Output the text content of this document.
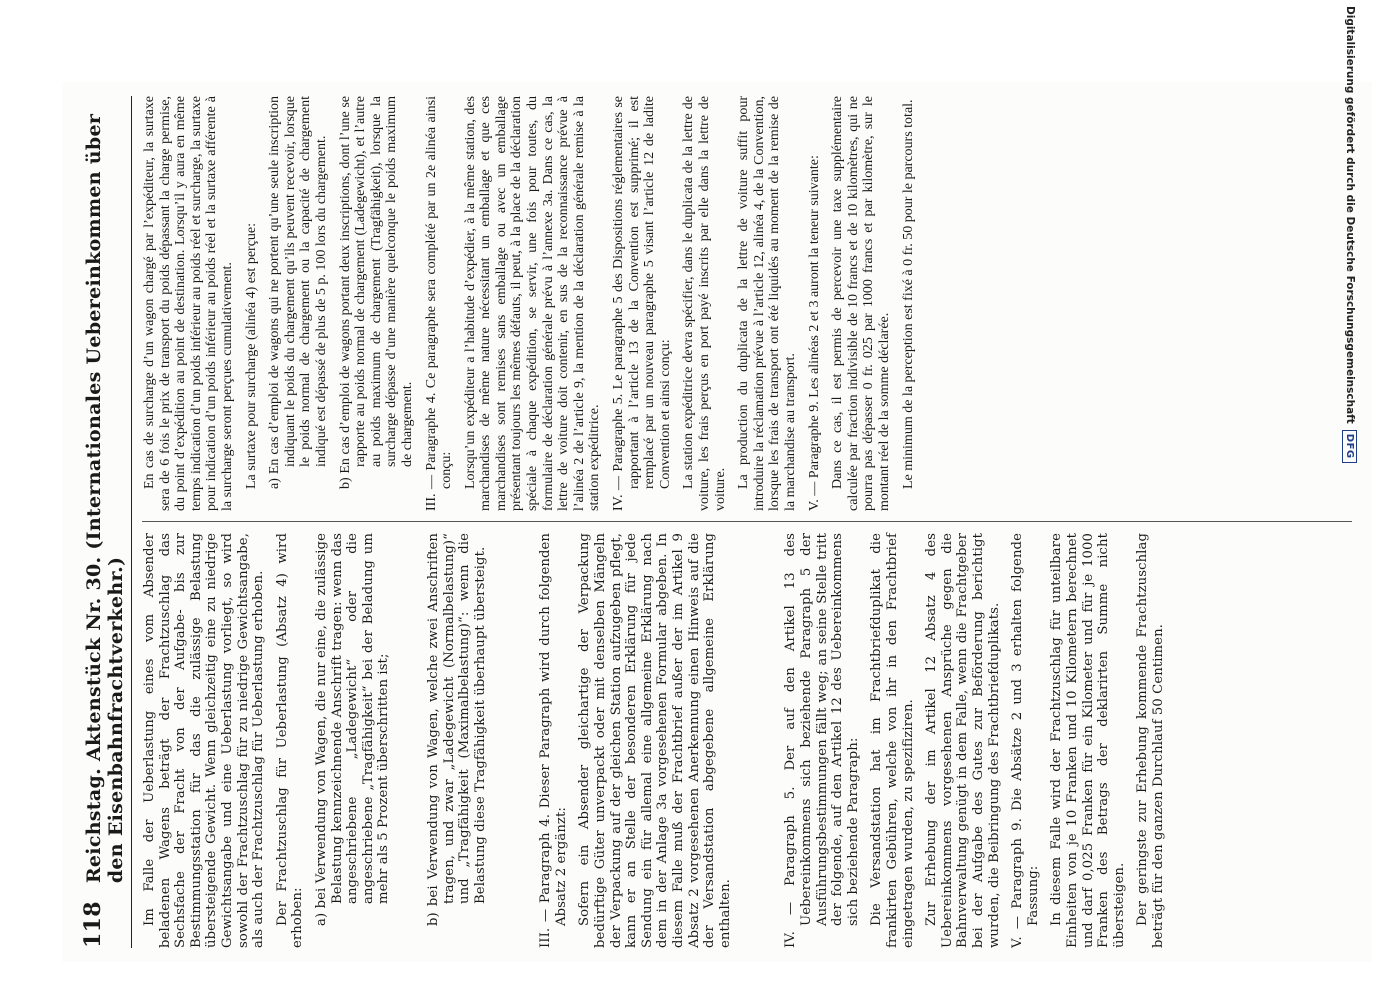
118
Reichstag. Aktenstück Nr. 30. (Internationales Uebereinkommen über den Eisenbahnfrachtverkehr.) Im Falle der Ueberlastung eines vom Absender beladenen Wagens beträgt der Frachtzuschlag das Sechsfache der Fracht von der Aufgabe- bis zur Bestimmungsstation für das die zulässige Belastung übersteigende Gewicht. Wenn gleichzeitig eine zu niedrige Gewichtsangabe und eine Ueberlastung vorliegt, so wird sowohl der Frachtzuschlag für zu niedrige Gewichtsangabe, als auch der Frachtzuschlag für Ueberlastung erhoben. Der Frachtzuschlag für Ueberlastung (Absatz 4) wird erhoben: a) bei Verwendung von Wagen, die nur eine, die zulässige Belastung kennzeichnende Anschrift tragen: wenn das angeschriebene „Ladegewicht“ oder die angeschriebene „Tragfähigkeit“ bei der Beladung um mehr als 5 Prozent überschritten ist;	b) bei Verwendung von Wagen, welche zwei Anschriften tragen, und zwar „Ladegewicht (Normalbelastung)“ und „Tragfähigkeit (Maximalbelastung)“: wenn die Belastung diese Tragfähigkeit überhaupt übersteigt.	III. — Paragraph 4. Dieser Paragraph wird durch folgenden Absatz 2 ergänzt: Sofern ein Absender gleichartige der Verpackung bedürftige Güter unverpackt oder mit denselben Mängeln der Verpackung auf der gleichen Station aufzugeben pflegt, kann er an Stelle der besonderen Erklärung für jede Sendung ein für allemal eine allgemeine Erklärung nach dem in der Anlage 3a vorgesehenen Formular abgeben. In diesem Falle muß der Frachtbrief außer der im Artikel 9 Absatz 2 vorgesehenen Anerkennung einen Hinweis auf die der Versandstation abgegebene allgemeine Erklärung enthalten.	IV. — Paragraph 5. Der auf den Artikel 13 des Uebereinkommens sich beziehende Paragraph 5 der Ausführungsbestimmungen fällt weg; an seine Stelle tritt der folgende, auf den Artikel 12 des Uebereinkommens sich beziehende Paragraph: Die Versandstation hat im Frachtbriefduplikat die frankirten Gebühren, welche von ihr in den Frachtbrief eingetragen wurden, zu spezifiziren. Zur Erhebung der im Artikel 12 Absatz 4 des Uebereinkommens vorgesehenen Ansprüche gegen die Bahnverwaltung genügt in dem Falle, wenn die Frachtgeber bei der Aufgabe des Gutes zur Beförderung berichtigt wurden, die Beibringung des Frachtbriefduplikats. V. — Paragraph 9. Die Absätze 2 und 3 erhalten folgende Fassung: In diesem Falle wird der Frachtzuschlag für unteilbare Einheiten von je 10 Franken und 10 Kilometern berechnet und darf 0,025 Franken für ein Kilometer und für je 1000 Franken des Betrags der deklarirten Summe nicht übersteigen. Der geringste zur Erhebung kommende Frachtzuschlag beträgt für den ganzen Durchlauf 50 Centimen.

En cas de surcharge d’un wagon chargé par l’expéditeur, la surtaxe sera de 6 fois le prix de transport du poids dépassant la charge permise, du point d’expédition au point de destination. Lorsqu’il y aura en même temps indication d’un poids inférieur au poids réel et surcharge, la surtaxe pour indication d’un poids inférieur au poids réel et la surtaxe afférente à la surcharge seront perçues cumulativement. La surtaxe pour surcharge (alinéa 4) est perçue: a) En cas d’emploi de wagons qui ne portent qu’une seule inscription indiquant le poids du chargement qu’ils peuvent recevoir, lorsque le poids normal de chargement ou la capacité de chargement indiqué est dépassé de plus de 5 p. 100 lors du chargement. b) En cas d’emploi de wagons portant deux inscriptions, dont l’une se rapporte au poids normal de chargement (Ladegewicht), et l’autre au poids maximum de chargement (Tragfähigkeit), lorsque la surcharge dépasse d’une manière quelconque le poids maximum de chargement. III. — Paragraphe 4. Ce paragraphe sera complété par un 2e alinéa ainsi conçu: Lorsqu’un expéditeur a l’habitude d’expédier, à la même station, des marchandises de même nature nécessitant un emballage et que ces marchandises sont remises sans emballage ou avec un emballage présentant toujours les mêmes défauts, il peut, à la place de la déclaration spéciale à chaque expédition, se servir, une fois pour toutes, du formulaire de déclaration générale prévu à l’annexe 3a. Dans ce cas, la lettre de voiture doit contenir, en sus de la reconnaissance prévue à l’alinéa 2 de l’article 9, la mention de la déclaration générale remise à la station expéditrice. IV. — Paragraphe 5. Le paragraphe 5 des Dispositions réglementaires se rapportant à l’article 13 de la Convention est supprimé; il est remplacé par un nouveau paragraphe 5 visant l’article 12 de ladite Convention et ainsi conçu: La station expéditrice devra spécifier, dans le duplicata de la lettre de voiture, les frais perçus en port payé inscrits par elle dans la lettre de voiture.

La production du duplicata de la lettre de voiture suffit pour introduire la réclamation prévue à l’article 12, alinéa 4, de la Convention, lorsque les frais de transport ont été liquidés au moment de la remise de la marchandise au transport. V. — Paragraphe 9. Les alinéas 2 et 3 auront la teneur suivante: Dans ce cas, il est permis de percevoir une taxe supplémentaire calculée par fraction indivisible de 10 francs et de 10 kilomètres, qui ne pourra pas dépasser 0 fr. 025 par 1000 francs et par kilomètre, sur le montant réel de la somme déclarée. Le minimum de la perception est fixé à 0 fr. 50 pour le parcours total.	Digitalisierung gefördert durch die Deutsche Forschungsgemeinschaft
DFG
